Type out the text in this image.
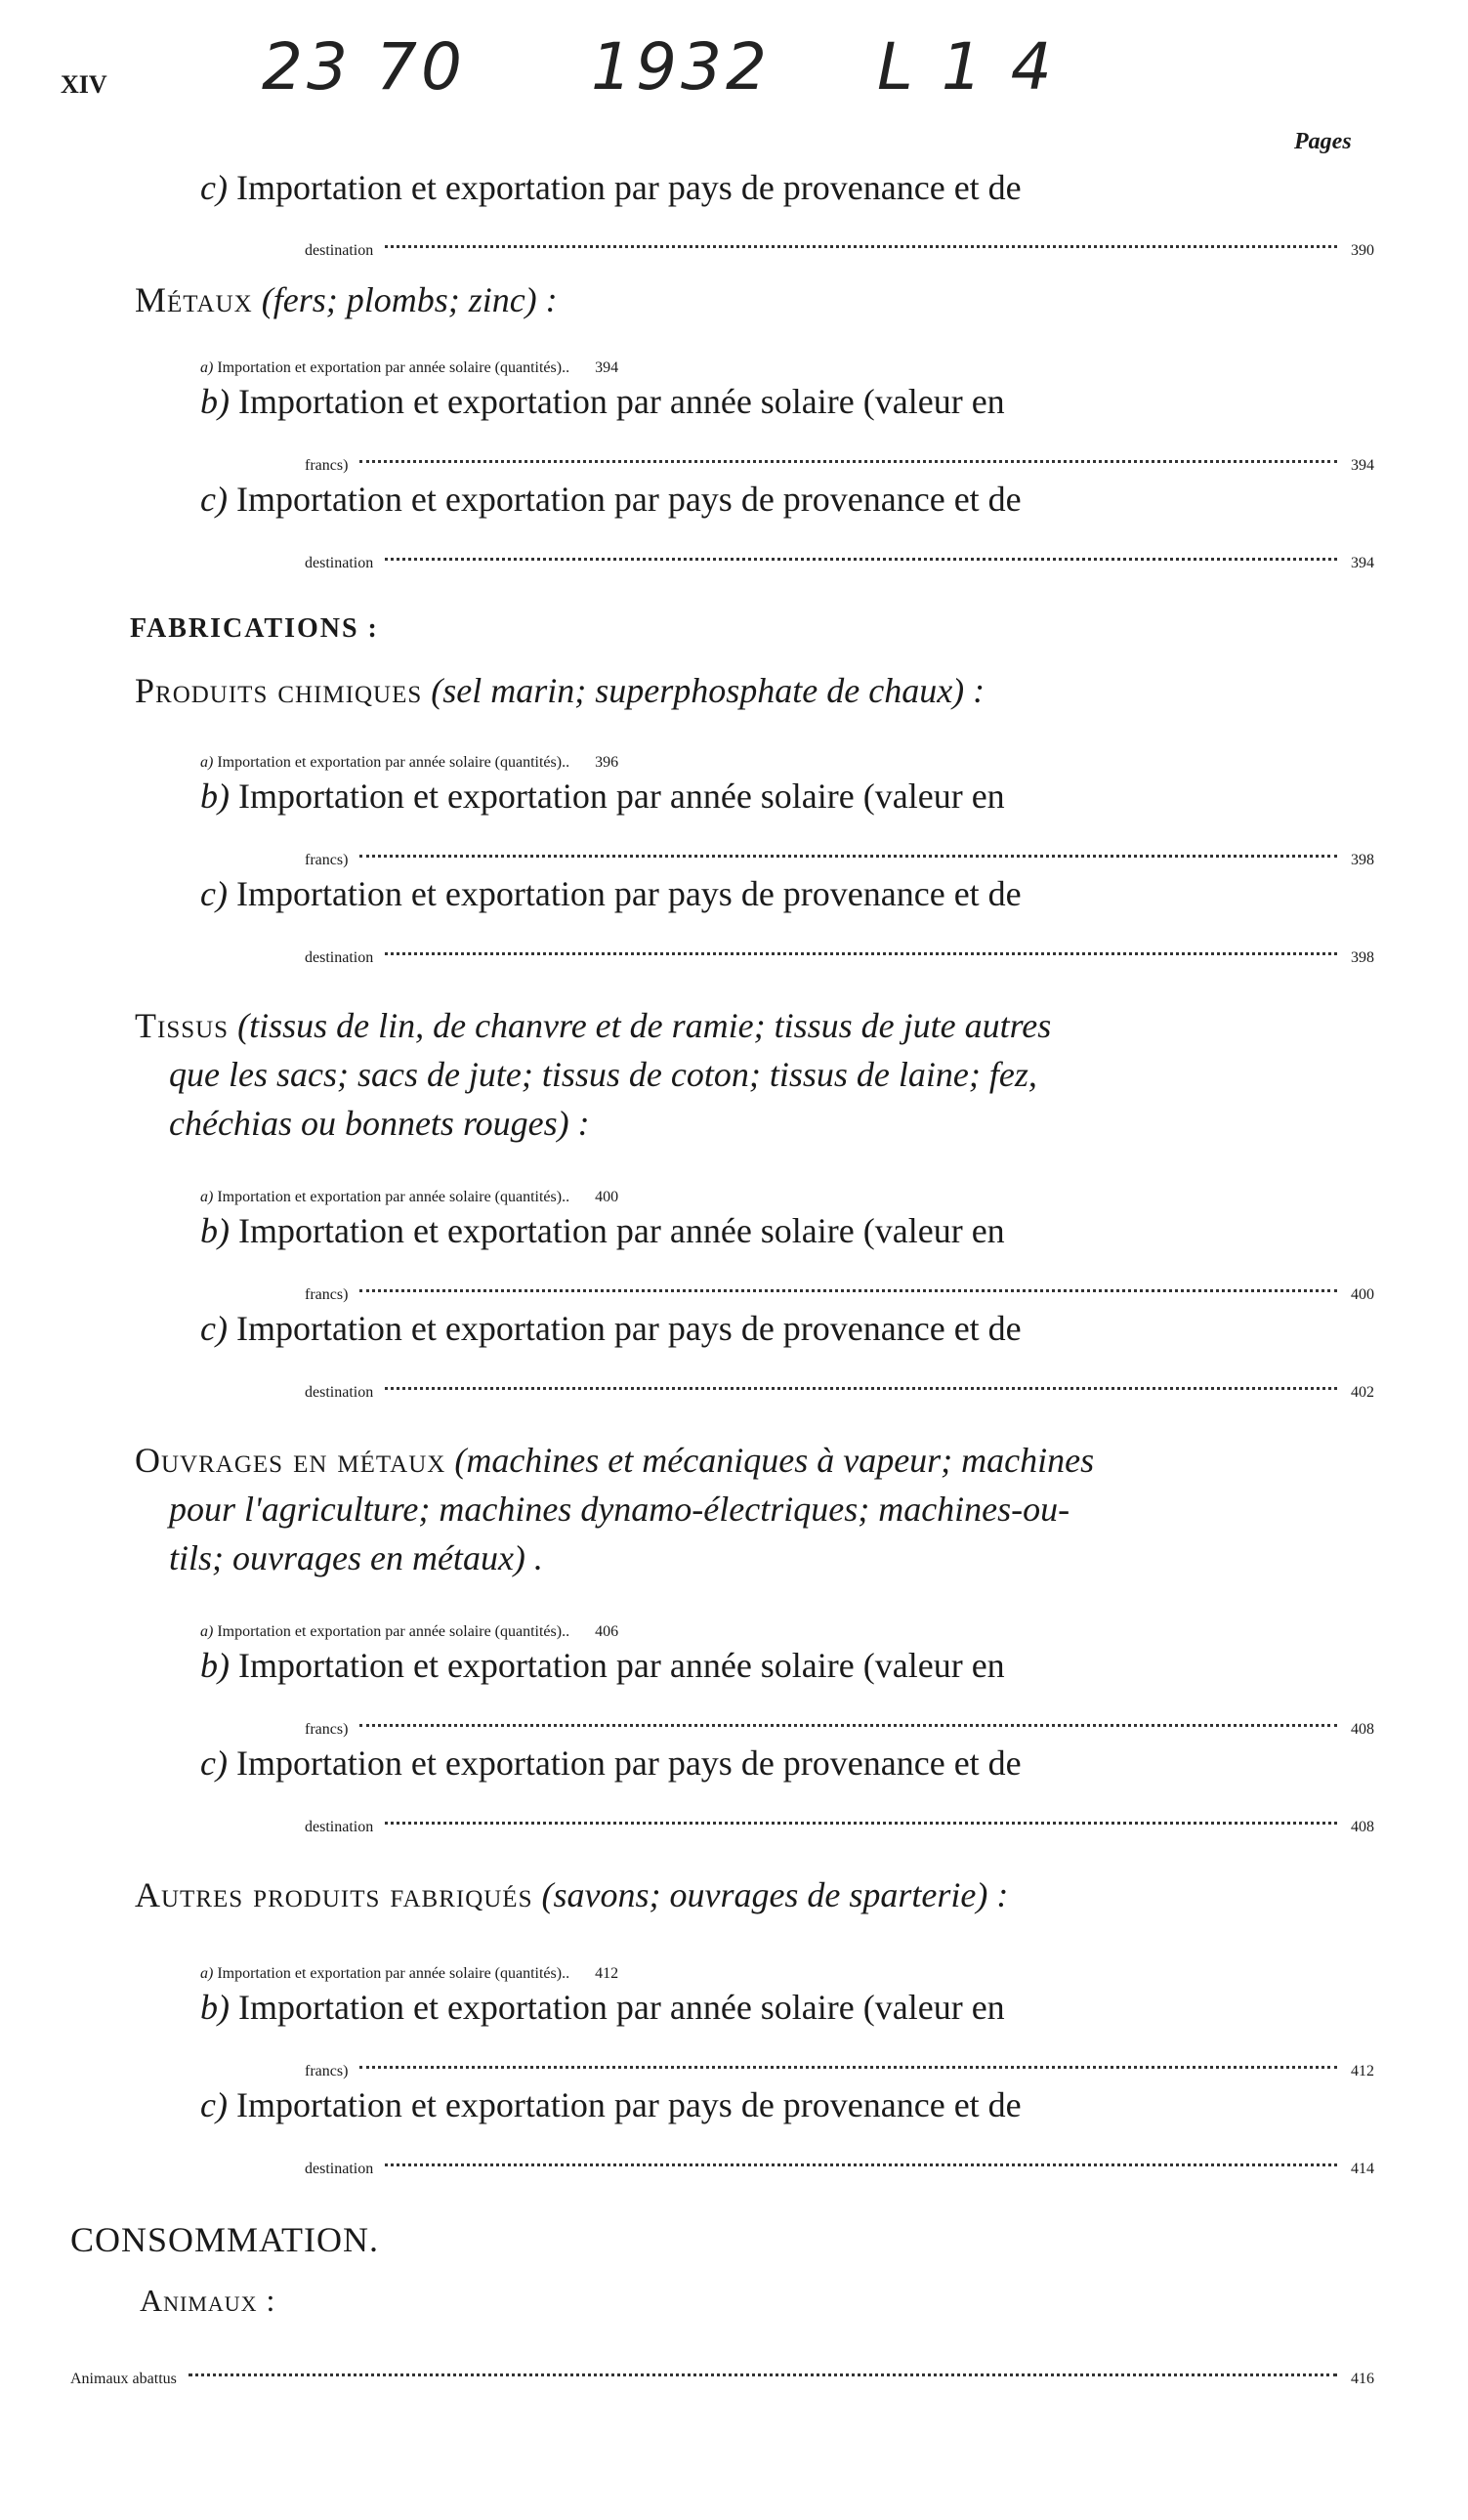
XIV 23 70 1932 L 1 4
Pages
c) Importation et exportation par pays de provenance et de
destination	390
Métaux (fers; plombs; zinc) :
a) Importation et exportation par année solaire (quantités)..	394
b) Importation et exportation par année solaire (valeur en
francs)	394
c) Importation et exportation par pays de provenance et de
destination	394
FABRICATIONS :
Produits chimiques (sel marin; superphosphate de chaux) :
a) Importation et exportation par année solaire (quantités)..	396
b) Importation et exportation par année solaire (valeur en
francs)	398
c) Importation et exportation par pays de provenance et de
destination	398
Tissus (tissus de lin, de chanvre et de ramie; tissus de jute autres
que les sacs; sacs de jute; tissus de coton; tissus de laine; fez,
chéchias ou bonnets rouges) :
a) Importation et exportation par année solaire (quantités)..	400
b) Importation et exportation par année solaire (valeur en
francs)	400
c) Importation et exportation par pays de provenance et de
destination	402
Ouvrages en métaux (machines et mécaniques à vapeur; machines
pour l'agriculture; machines dynamo-électriques; machines-ou-
tils; ouvrages en métaux) .
a) Importation et exportation par année solaire (quantités)..	406
b) Importation et exportation par année solaire (valeur en
francs)	408
c) Importation et exportation par pays de provenance et de
destination	408
Autres produits fabriqués (savons; ouvrages de sparterie) :
a) Importation et exportation par année solaire (quantités)..	412
b) Importation et exportation par année solaire (valeur en
francs)	412
c) Importation et exportation par pays de provenance et de
destination	414
CONSOMMATION.
Animaux :
Animaux abattus	416
